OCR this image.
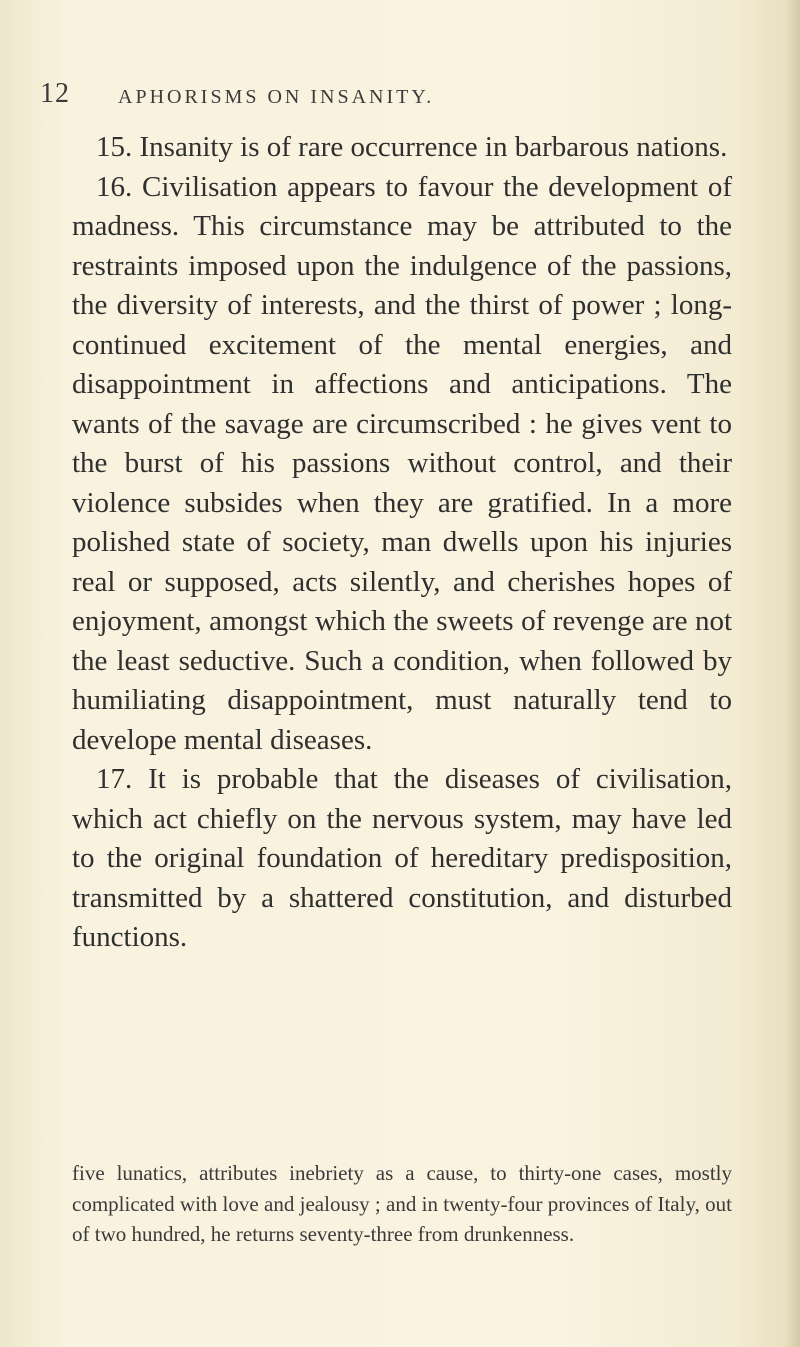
12 APHORISMS ON INSANITY.

15. Insanity is of rare occurrence in barbarous nations.

16. Civilisation appears to favour the development of madness. This circumstance may be attributed to the restraints imposed upon the indulgence of the passions, the diversity of interests, and the thirst of power ; long-continued excitement of the mental energies, and disappointment in affections and anticipations. The wants of the savage are circumscribed : he gives vent to the burst of his passions without control, and their violence subsides when they are gratified. In a more polished state of society, man dwells upon his injuries real or supposed, acts silently, and cherishes hopes of enjoyment, amongst which the sweets of revenge are not the least seductive. Such a condition, when followed by humiliating disappointment, must naturally tend to develope mental diseases.

17. It is probable that the diseases of civilisation, which act chiefly on the nervous system, may have led to the original foundation of hereditary predisposition, transmitted by a shattered constitution, and disturbed functions.

five lunatics, attributes inebriety as a cause, to thirty-one cases, mostly complicated with love and jealousy ; and in twenty-four provinces of Italy, out of two hundred, he returns seventy-three from drunkenness.
